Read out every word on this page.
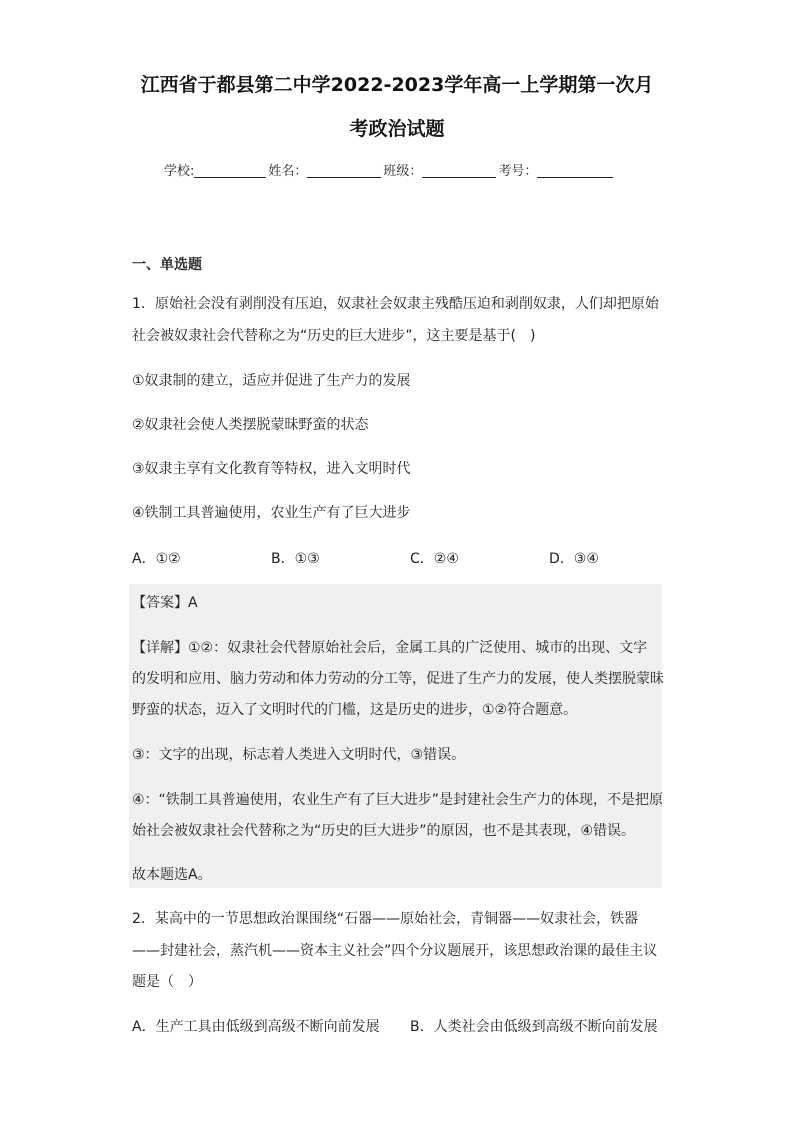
江西省于都县第二中学2022-2023学年高一上学期第一次月
考政治试题
学校:	姓名：	班级：	考号：
一、单选题
1．原始社会没有剥削没有压迫，奴隶社会奴隶主残酷压迫和剥削奴隶，人们却把原始
社会被奴隶社会代替称之为“历史的巨大进步”，这主要是基于(　)
①奴隶制的建立，适应并促进了生产力的发展
②奴隶社会使人类摆脱蒙昧野蛮的状态
③奴隶主享有文化教育等特权，进入文明时代
④铁制工具普遍使用，农业生产有了巨大进步
A．①②	B．①③	C．②④	D．③④
【答案】A
【详解】①②：奴隶社会代替原始社会后，金属工具的广泛使用、城市的出现、文字
的发明和应用、脑力劳动和体力劳动的分工等，促进了生产力的发展，使人类摆脱蒙昧
野蛮的状态，迈入了文明时代的门槛，这是历史的进步，①②符合题意。
③：文字的出现，标志着人类进入文明时代，③错误。
④：“铁制工具普遍使用，农业生产有了巨大进步”是封建社会生产力的体现，不是把原
始社会被奴隶社会代替称之为“历史的巨大进步”的原因，也不是其表现，④错误。
故本题选A。
2．某高中的一节思想政治课围绕“石器——原始社会，青铜器——奴隶社会，铁器
——封建社会，蒸汽机——资本主义社会”四个分议题展开，该思想政治课的最佳主议
题是（　）
A．生产工具由低级到高级不断向前发展 B．人类社会由低级到高级不断向前发展
